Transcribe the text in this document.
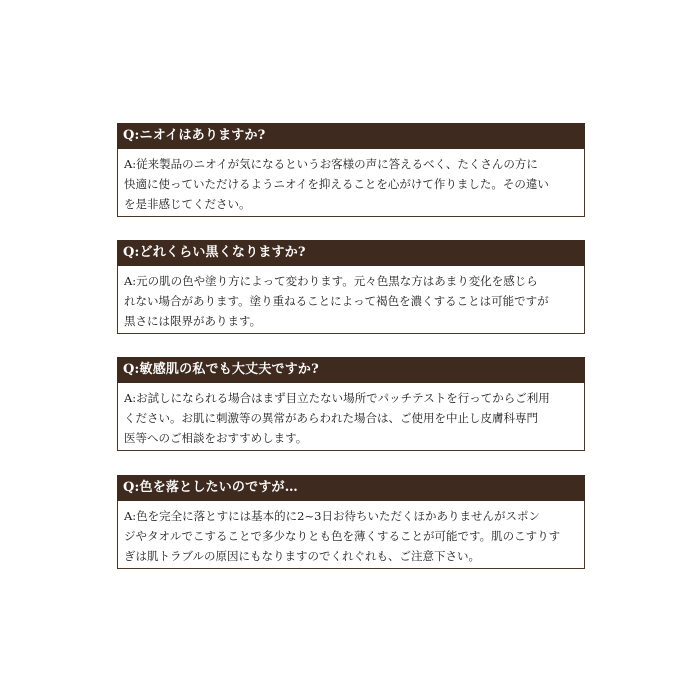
Q:ニオイはありますか?
A:従来製品のニオイが気になるというお客様の声に答えるべく、たくさんの方に
快適に使っていただけるようニオイを抑えることを心がけて作りました。その違い
を是非感じてください。
Q:どれくらい黒くなりますか?
A:元の肌の色や塗り方によって変わります。元々色黒な方はあまり変化を感じら
れない場合があります。塗り重ねることによって褐色を濃くすることは可能ですが
黒さには限界があります。
Q:敏感肌の私でも大丈夫ですか?
A:お試しになられる場合はまず目立たない場所でパッチテストを行ってからご利用
ください。お肌に刺激等の異常があらわれた場合は、ご使用を中止し皮膚科専門
医等へのご相談をおすすめします。
Q:色を落としたいのですが…
A:色を完全に落とすには基本的に2~3日お待ちいただくほかありませんがスポン
ジやタオルでこすることで多少なりとも色を薄くすることが可能です。肌のこすりす
ぎは肌トラブルの原因にもなりますのでくれぐれも、ご注意下さい。
